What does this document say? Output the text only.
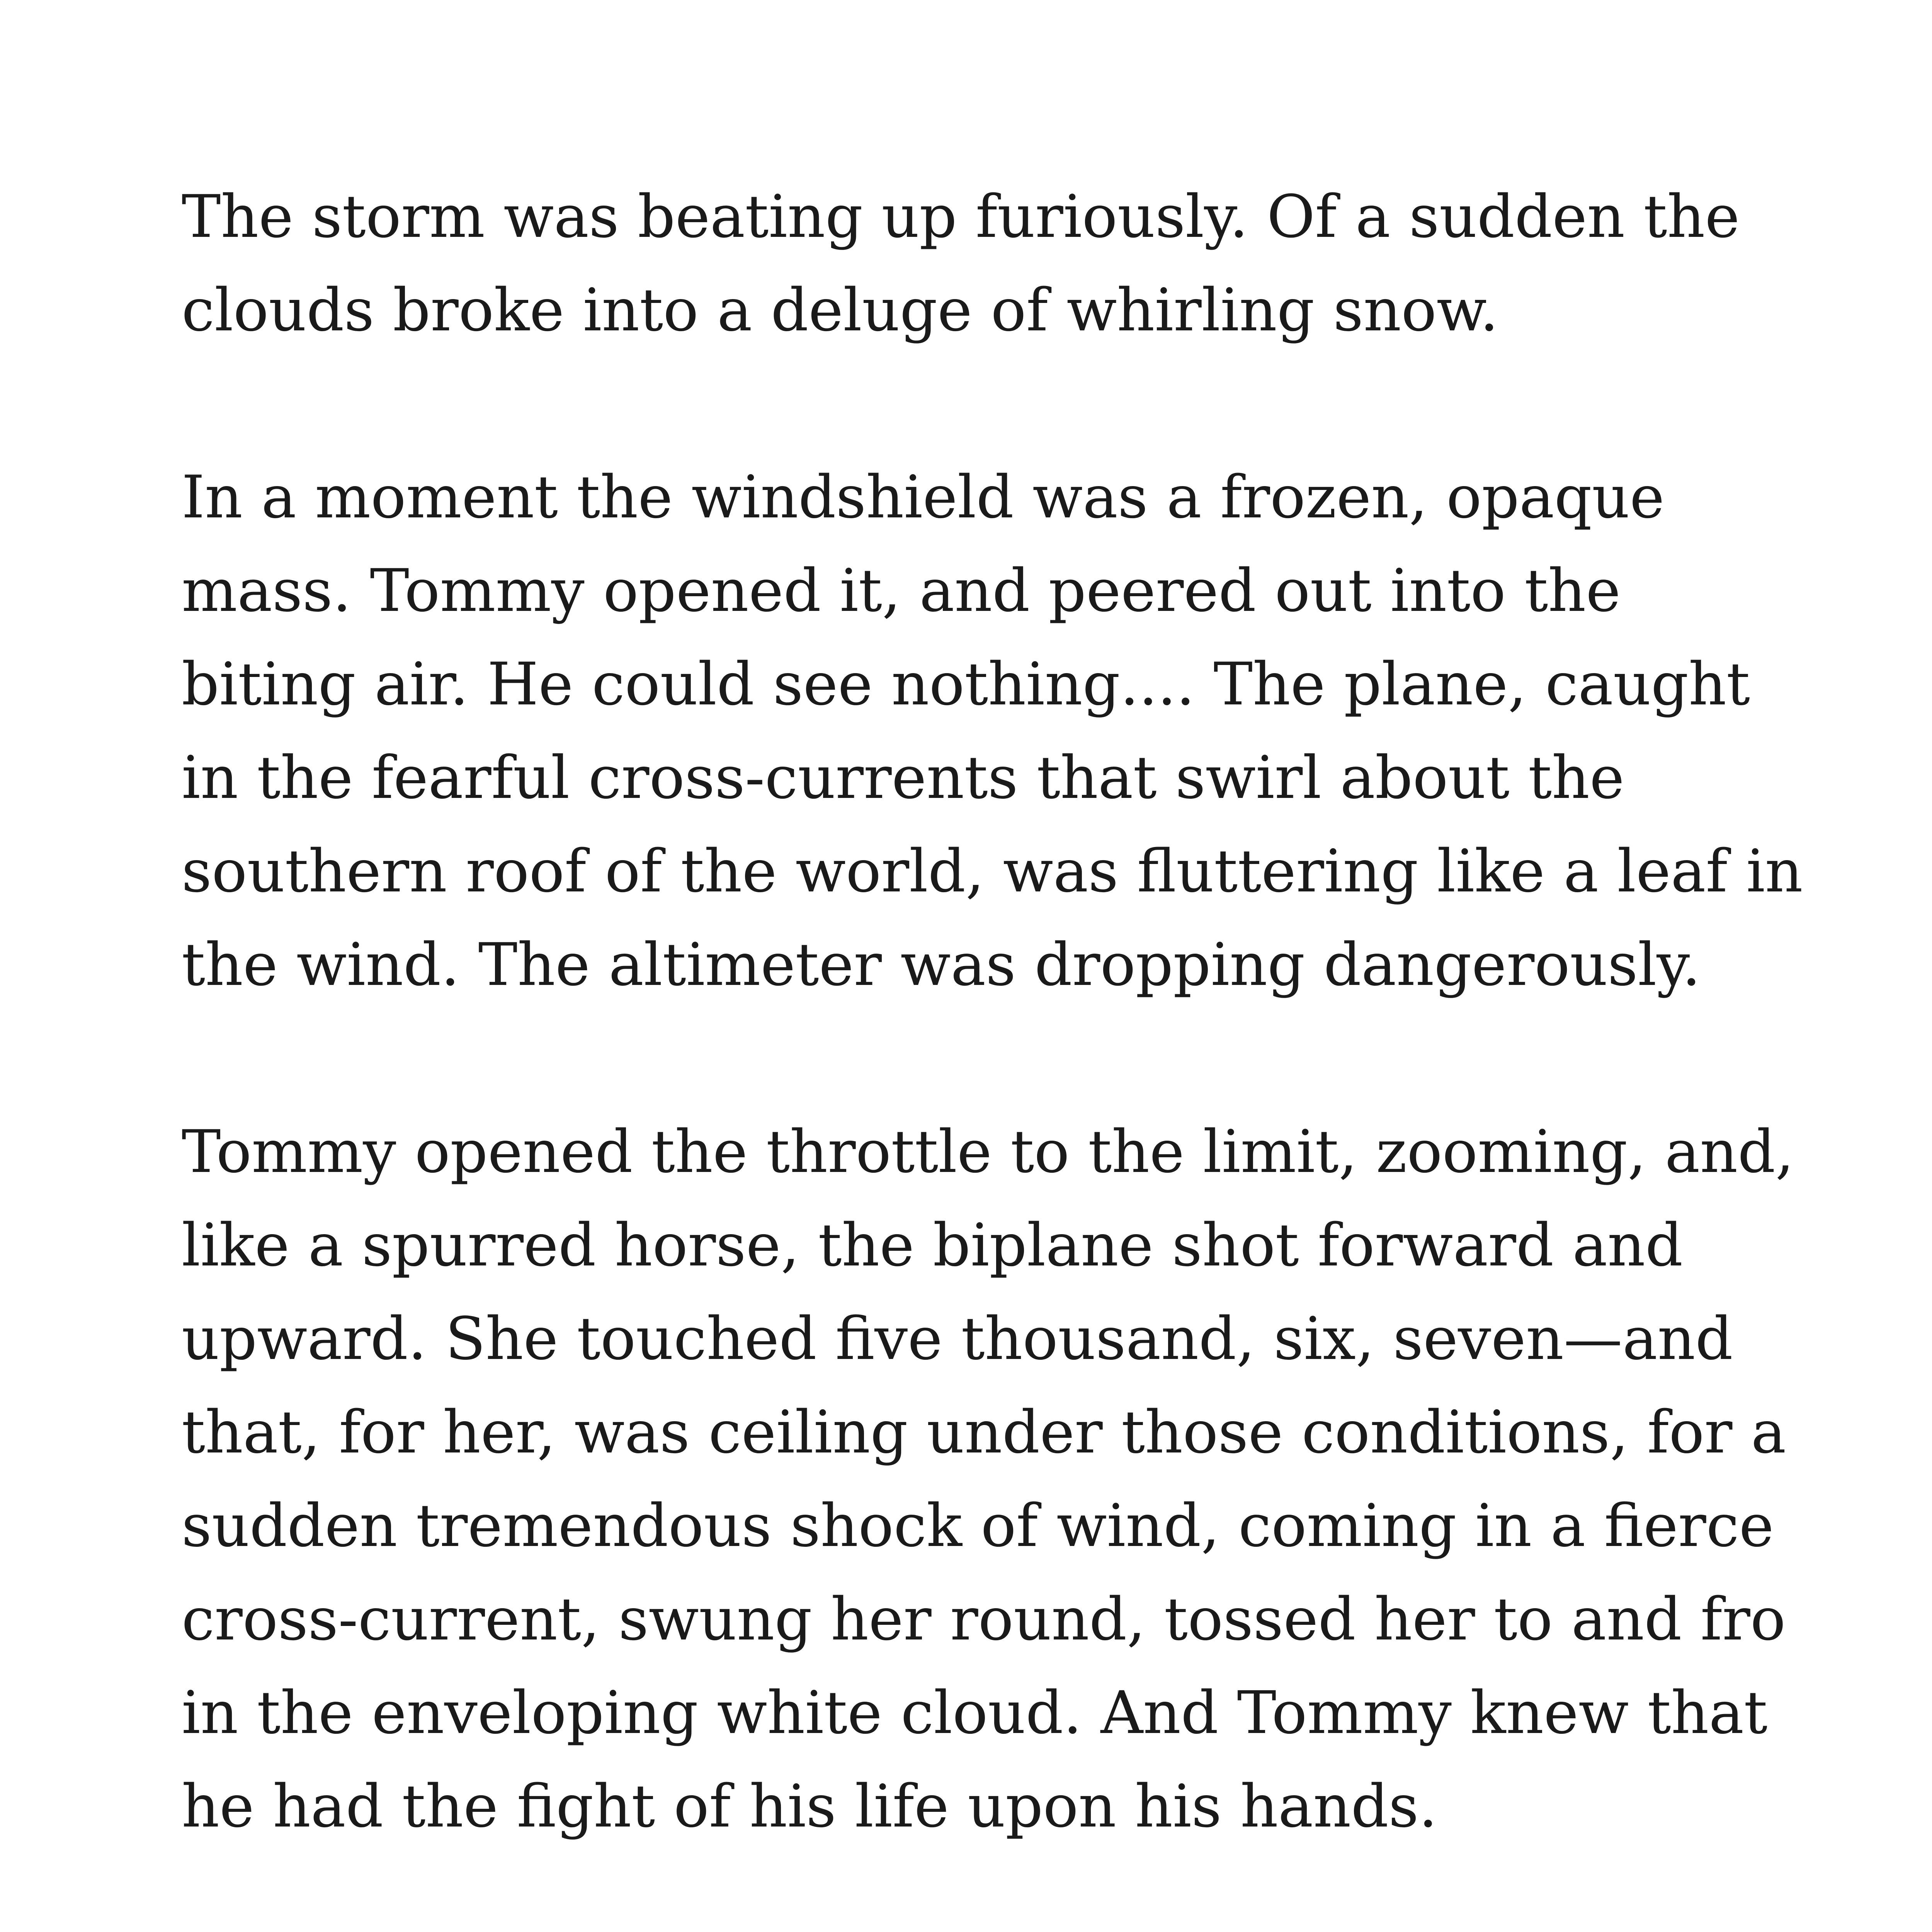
The storm was beating up furiously. Of a sudden the
clouds broke into a deluge of whirling snow.

In a moment the windshield was a frozen, opaque
mass. Tommy opened it, and peered out into the
biting air. He could see nothing.... The plane, caught
in the fearful cross-currents that swirl about the
southern roof of the world, was fluttering like a leaf in
the wind. The altimeter was dropping dangerously.

Tommy opened the throttle to the limit, zooming, and,
like a spurred horse, the biplane shot forward and
upward. She touched five thousand, six, seven—and
that, for her, was ceiling under those conditions, for a
sudden tremendous shock of wind, coming in a fierce
cross-current, swung her round, tossed her to and fro
in the enveloping white cloud. And Tommy knew that
he had the fight of his life upon his hands.
